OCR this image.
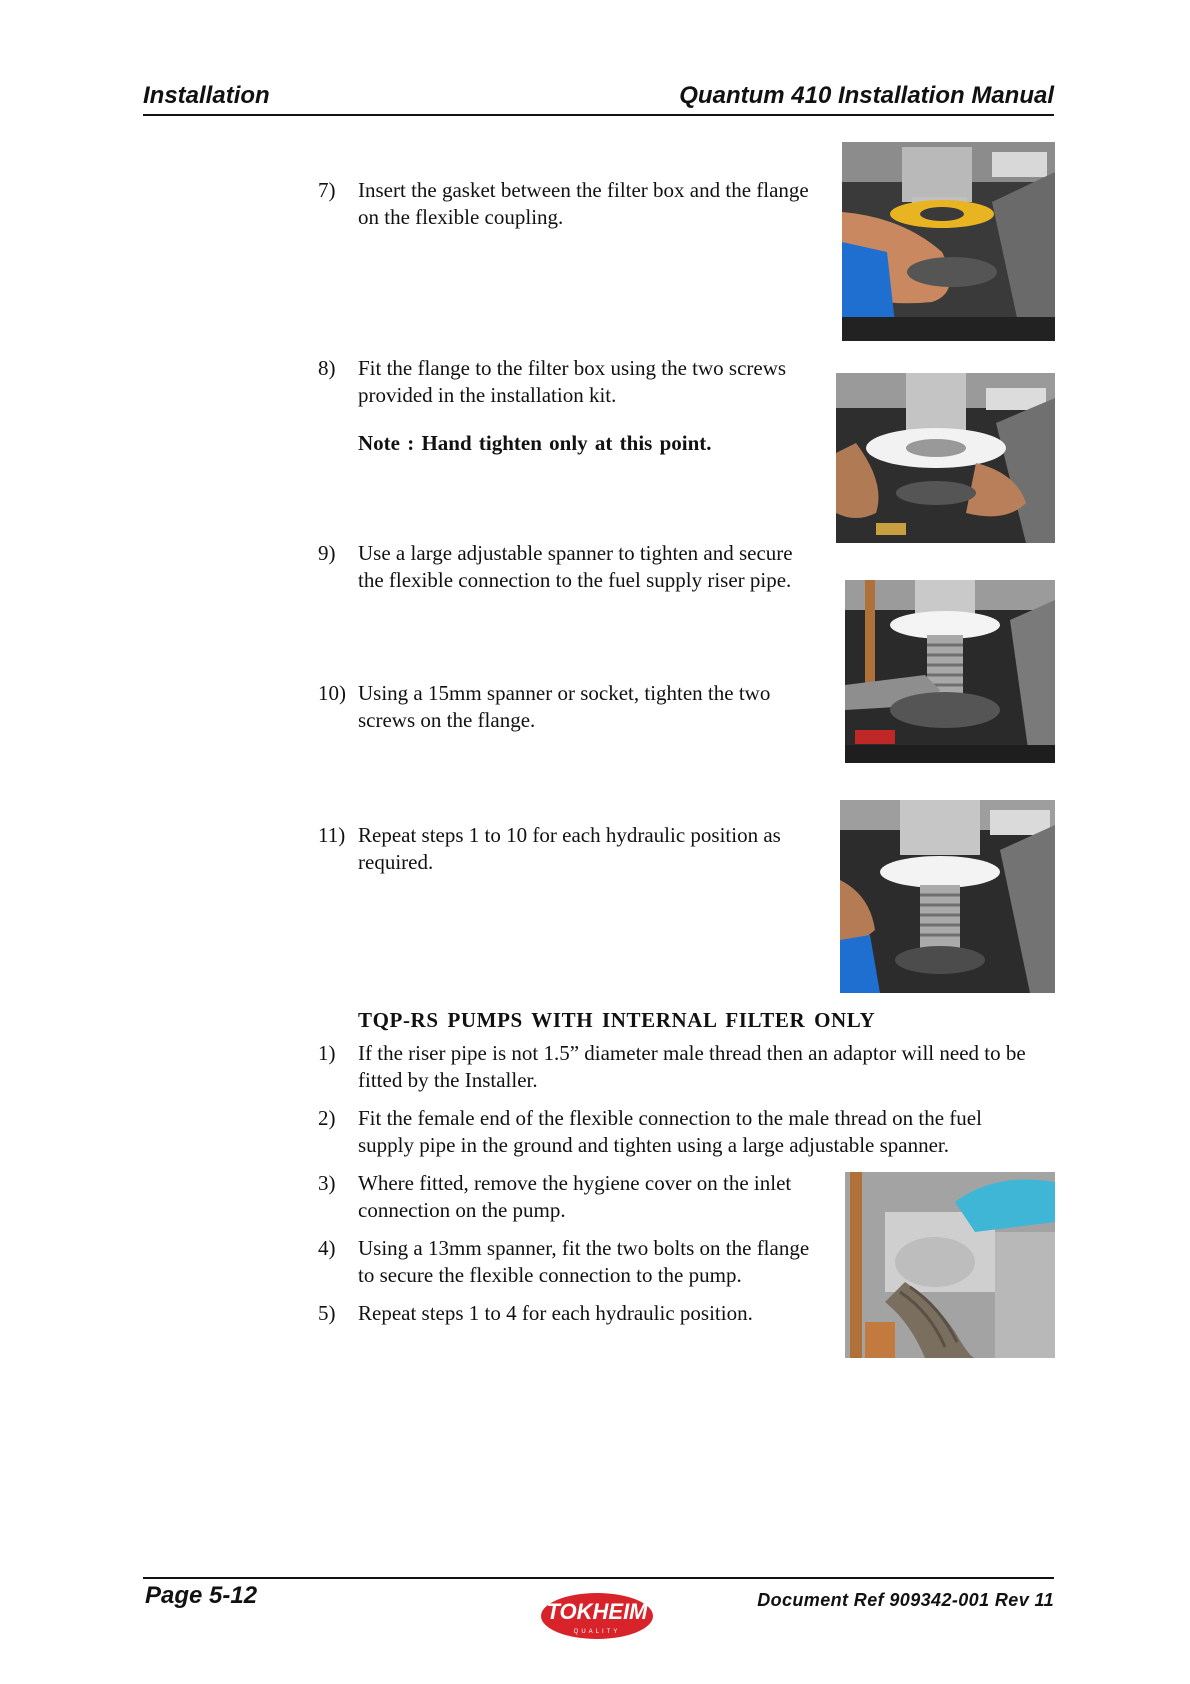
Installation	Quantum 410 Installation Manual
7) Insert the gasket between the filter box and the flange
on the flexible coupling.
8) Fit the flange to the filter box using the two screws
provided in the installation kit.
Note : Hand tighten only at this point.
9) Use a large adjustable spanner to tighten and secure
the flexible connection to the fuel supply riser pipe.
10) Using a 15mm spanner or socket, tighten the two
screws on the flange.
11) Repeat steps 1 to 10 for each hydraulic position as
required.
TQP-RS PUMPS WITH INTERNAL FILTER ONLY
1) If the riser pipe is not 1.5” diameter male thread then an adaptor will need to be
fitted by the Installer.
2) Fit the female end of the flexible connection to the male thread on the fuel
supply pipe in the ground and tighten using a large adjustable spanner.
3) Where fitted, remove the hygiene cover on the inlet
connection on the pump.
4) Using a 13mm spanner, fit the two bolts on the flange
to secure the flexible connection to the pump.
5) Repeat steps 1 to 4 for each hydraulic position.
Page 5-12	Document Ref 909342-001 Rev 11
TOKHEIM
QUALITY
